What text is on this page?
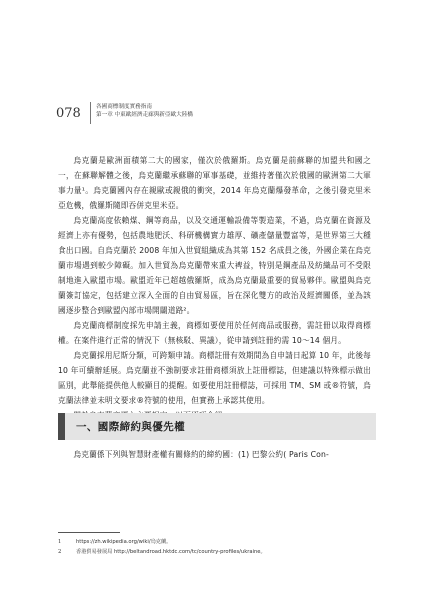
078	各國商標制度實務指南
第一章 中東歐經濟走廊與新亞歐大陸橋

烏克蘭是歐洲面積第二大的國家，僅次於俄羅斯。烏克蘭是前蘇聯的加盟共和國之一，在蘇聯解體之後，烏克蘭繼承蘇聯的軍事基礎，並維持著僅次於俄國的歐洲第二大軍事力量¹。烏克蘭國內存在親歐或親俄的衝突，2014 年烏克蘭爆發革命，之後引發克里米亞危機，俄羅斯隨即吞併克里米亞。

烏克蘭高度依賴煤、鋼等商品，以及交通運輸設備等製造業，不過，烏克蘭在資源及經濟上亦有優勢，包括農地肥沃、科研機構實力雄厚、礦產儲量豐富等，是世界第三大種食出口國。自烏克蘭於 2008 年加入世貿組織成為其第 152 名成員之後，外國企業在烏克蘭市場遇到較少障礙。加入世貿為烏克蘭帶來重大裨益，特別是鋼產品及紡織品可不受限制地進入歐盟市場。歐盟近年已超越俄羅斯，成為烏克蘭最重要的貿易夥伴。歐盟與烏克蘭簽訂協定，包括建立深入全面的自由貿易區，旨在深化雙方的政治及經濟關係，並為該國逐步整合到歐盟內部市場開闢道路²。

烏克蘭商標制度採先申請主義，商標如要使用於任何商品或服務，需註冊以取得商標權。在案件進行正常的情況下（無核駁、異議），從申請到註冊約需 10～14 個月。

烏克蘭採用尼斯分類，可跨類申請。商標註冊有效期間為自申請日起算 10 年，此後每 10 年可續辦延展。烏克蘭並不強制要求註冊商標須放上註冊標誌，但建議以特殊標示做出區別，此舉能提供他人較顯目的提醒。如要使用註冊標誌，可採用 TM、SM 或®符號，烏克蘭法律並未明文要求®符號的使用，但實務上承認其使用。

一、國際締約與優先權

烏克蘭係下列與智慧財產權有關條約的締約國：(1) 巴黎公約( Paris Con-

1	https://zh.wikipedia.org/wiki/烏克蘭。
2	香港貿易發展局 http://beltandroad.hktdc.com/tc/country-profiles/ukraine。
